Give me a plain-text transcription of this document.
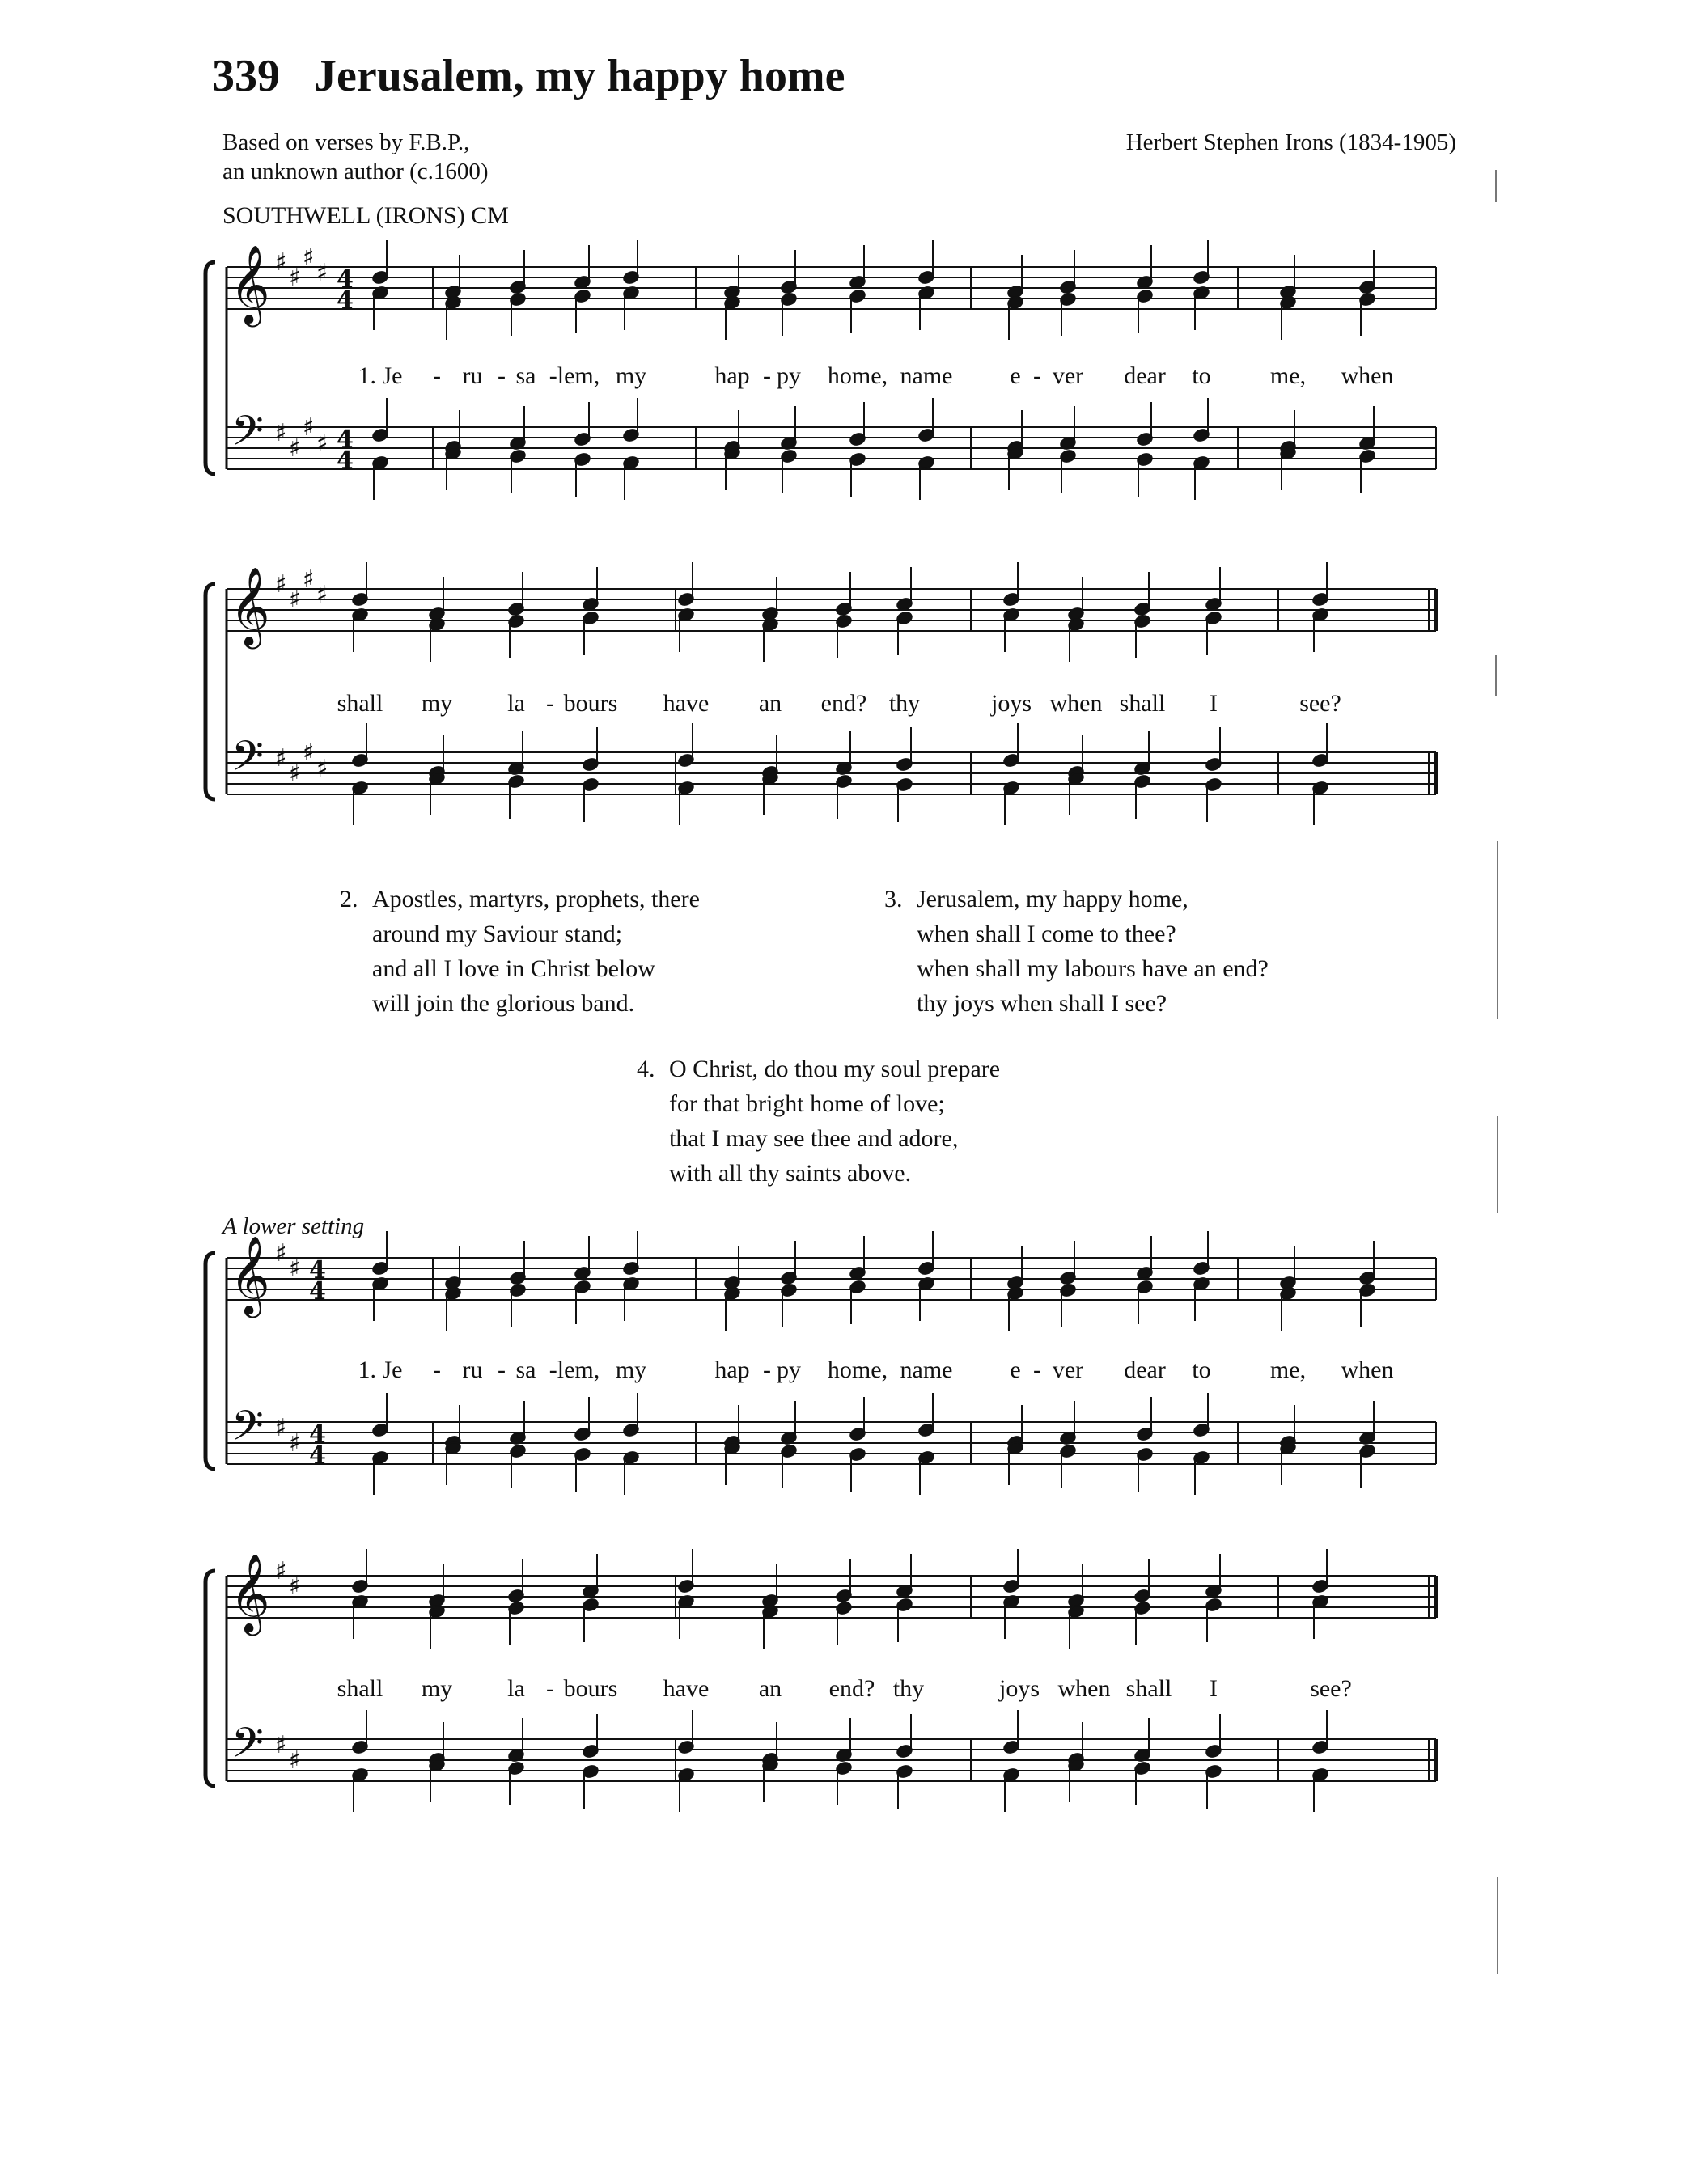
339 Jerusalem, my happy home
Based on verses by F.B.P.,
an unknown author (c.1600)
Herbert Stephen Irons (1834-1905)
SOUTHWELL (IRONS) CM
𝄞
𝄢
♯
♯
♯
♯
♯
♯
♯
♯
4
4
4
4
𝄞
𝄢
♯
♯
♯
♯
♯
♯
♯
♯
𝄞
𝄢
♯
♯
♯
♯
4
4
4
4
𝄞
𝄢
♯
♯
♯
♯
1. Je - ru - sa -lem, my	hap - py home, name e - ver dear to me, when
shall my la - bours have an end? thy	joys when shall I	see?
2. Apostles, martyrs, prophets, there
around my Saviour stand;
and all I love in Christ below
will join the glorious band.
3. Jerusalem, my happy home,
when shall I come to thee?
when shall my labours have an end?
thy joys when shall I see?
4. O Christ, do thou my soul prepare
for that bright home of love;
that I may see thee and adore,
with all thy saints above.
A lower setting
1. Je - ru - sa -lem, my	hap - py home, name e - ver dear to me, when
shall my la - bours have an end? thy	joys when shall I	see?
